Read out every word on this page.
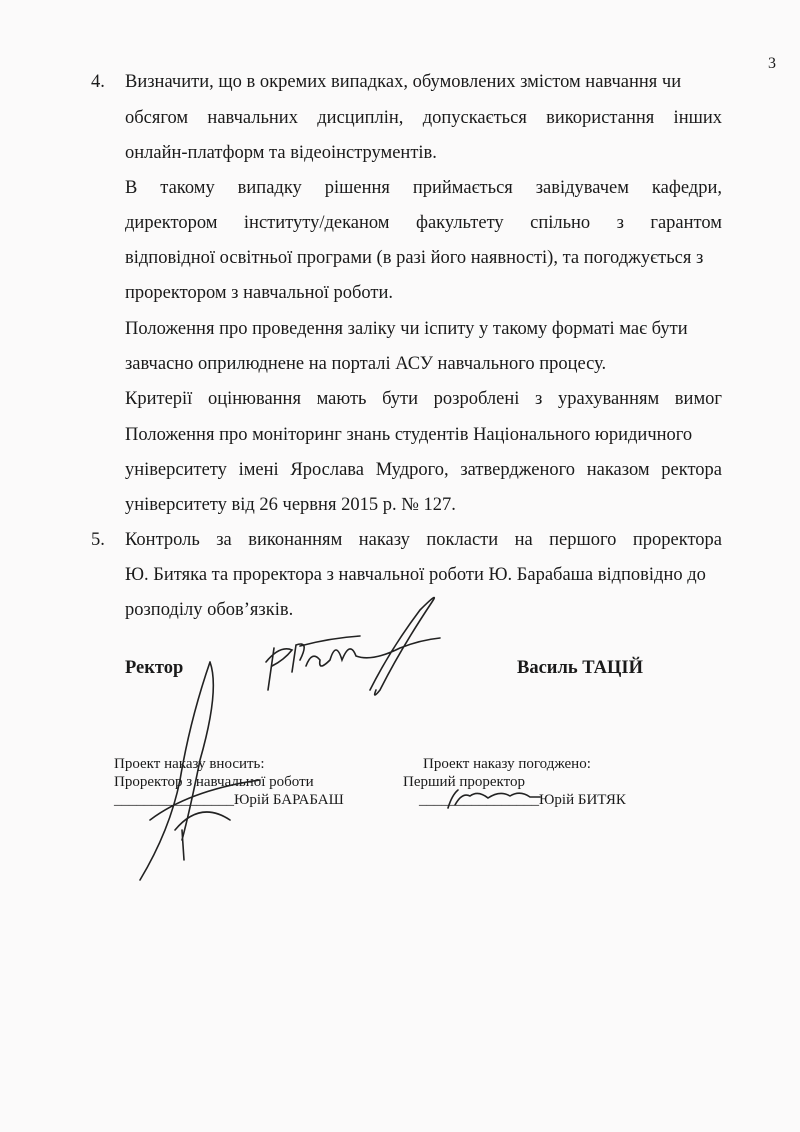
3
4. Визначити, що в окремих випадках, обумовлених змістом навчання чи
обсягом навчальних дисциплін, допускається використання інших
онлайн-платформ та відеоінструментів.
В такому випадку рішення приймається завідувачем кафедри,
директором інституту/деканом факультету спільно з гарантом
відповідної освітньої програми (в разі його наявності), та погоджується з
проректором з навчальної роботи.
Положення про проведення заліку чи іспиту у такому форматі має бути
завчасно оприлюднене на порталі АСУ навчального процесу.
Критерії оцінювання мають бути розроблені з урахуванням вимог
Положення про моніторинг знань студентів Національного юридичного
університету імені Ярослава Мудрого, затвердженого наказом ректора
університету від 26 червня 2015 р. № 127.
5. Контроль за виконанням наказу покласти на першого проректора
Ю. Битяка та проректора з навчальної роботи Ю. Барабаша відповідно до
розподілу обов’язків.
Ректор	Василь ТАЦІЙ
Проект наказу вносить:
Проректор з навчальної роботи
________________Юрій БАРАБАШ
Проект наказу погоджено:
Перший проректор
________________Юрій БИТЯК
